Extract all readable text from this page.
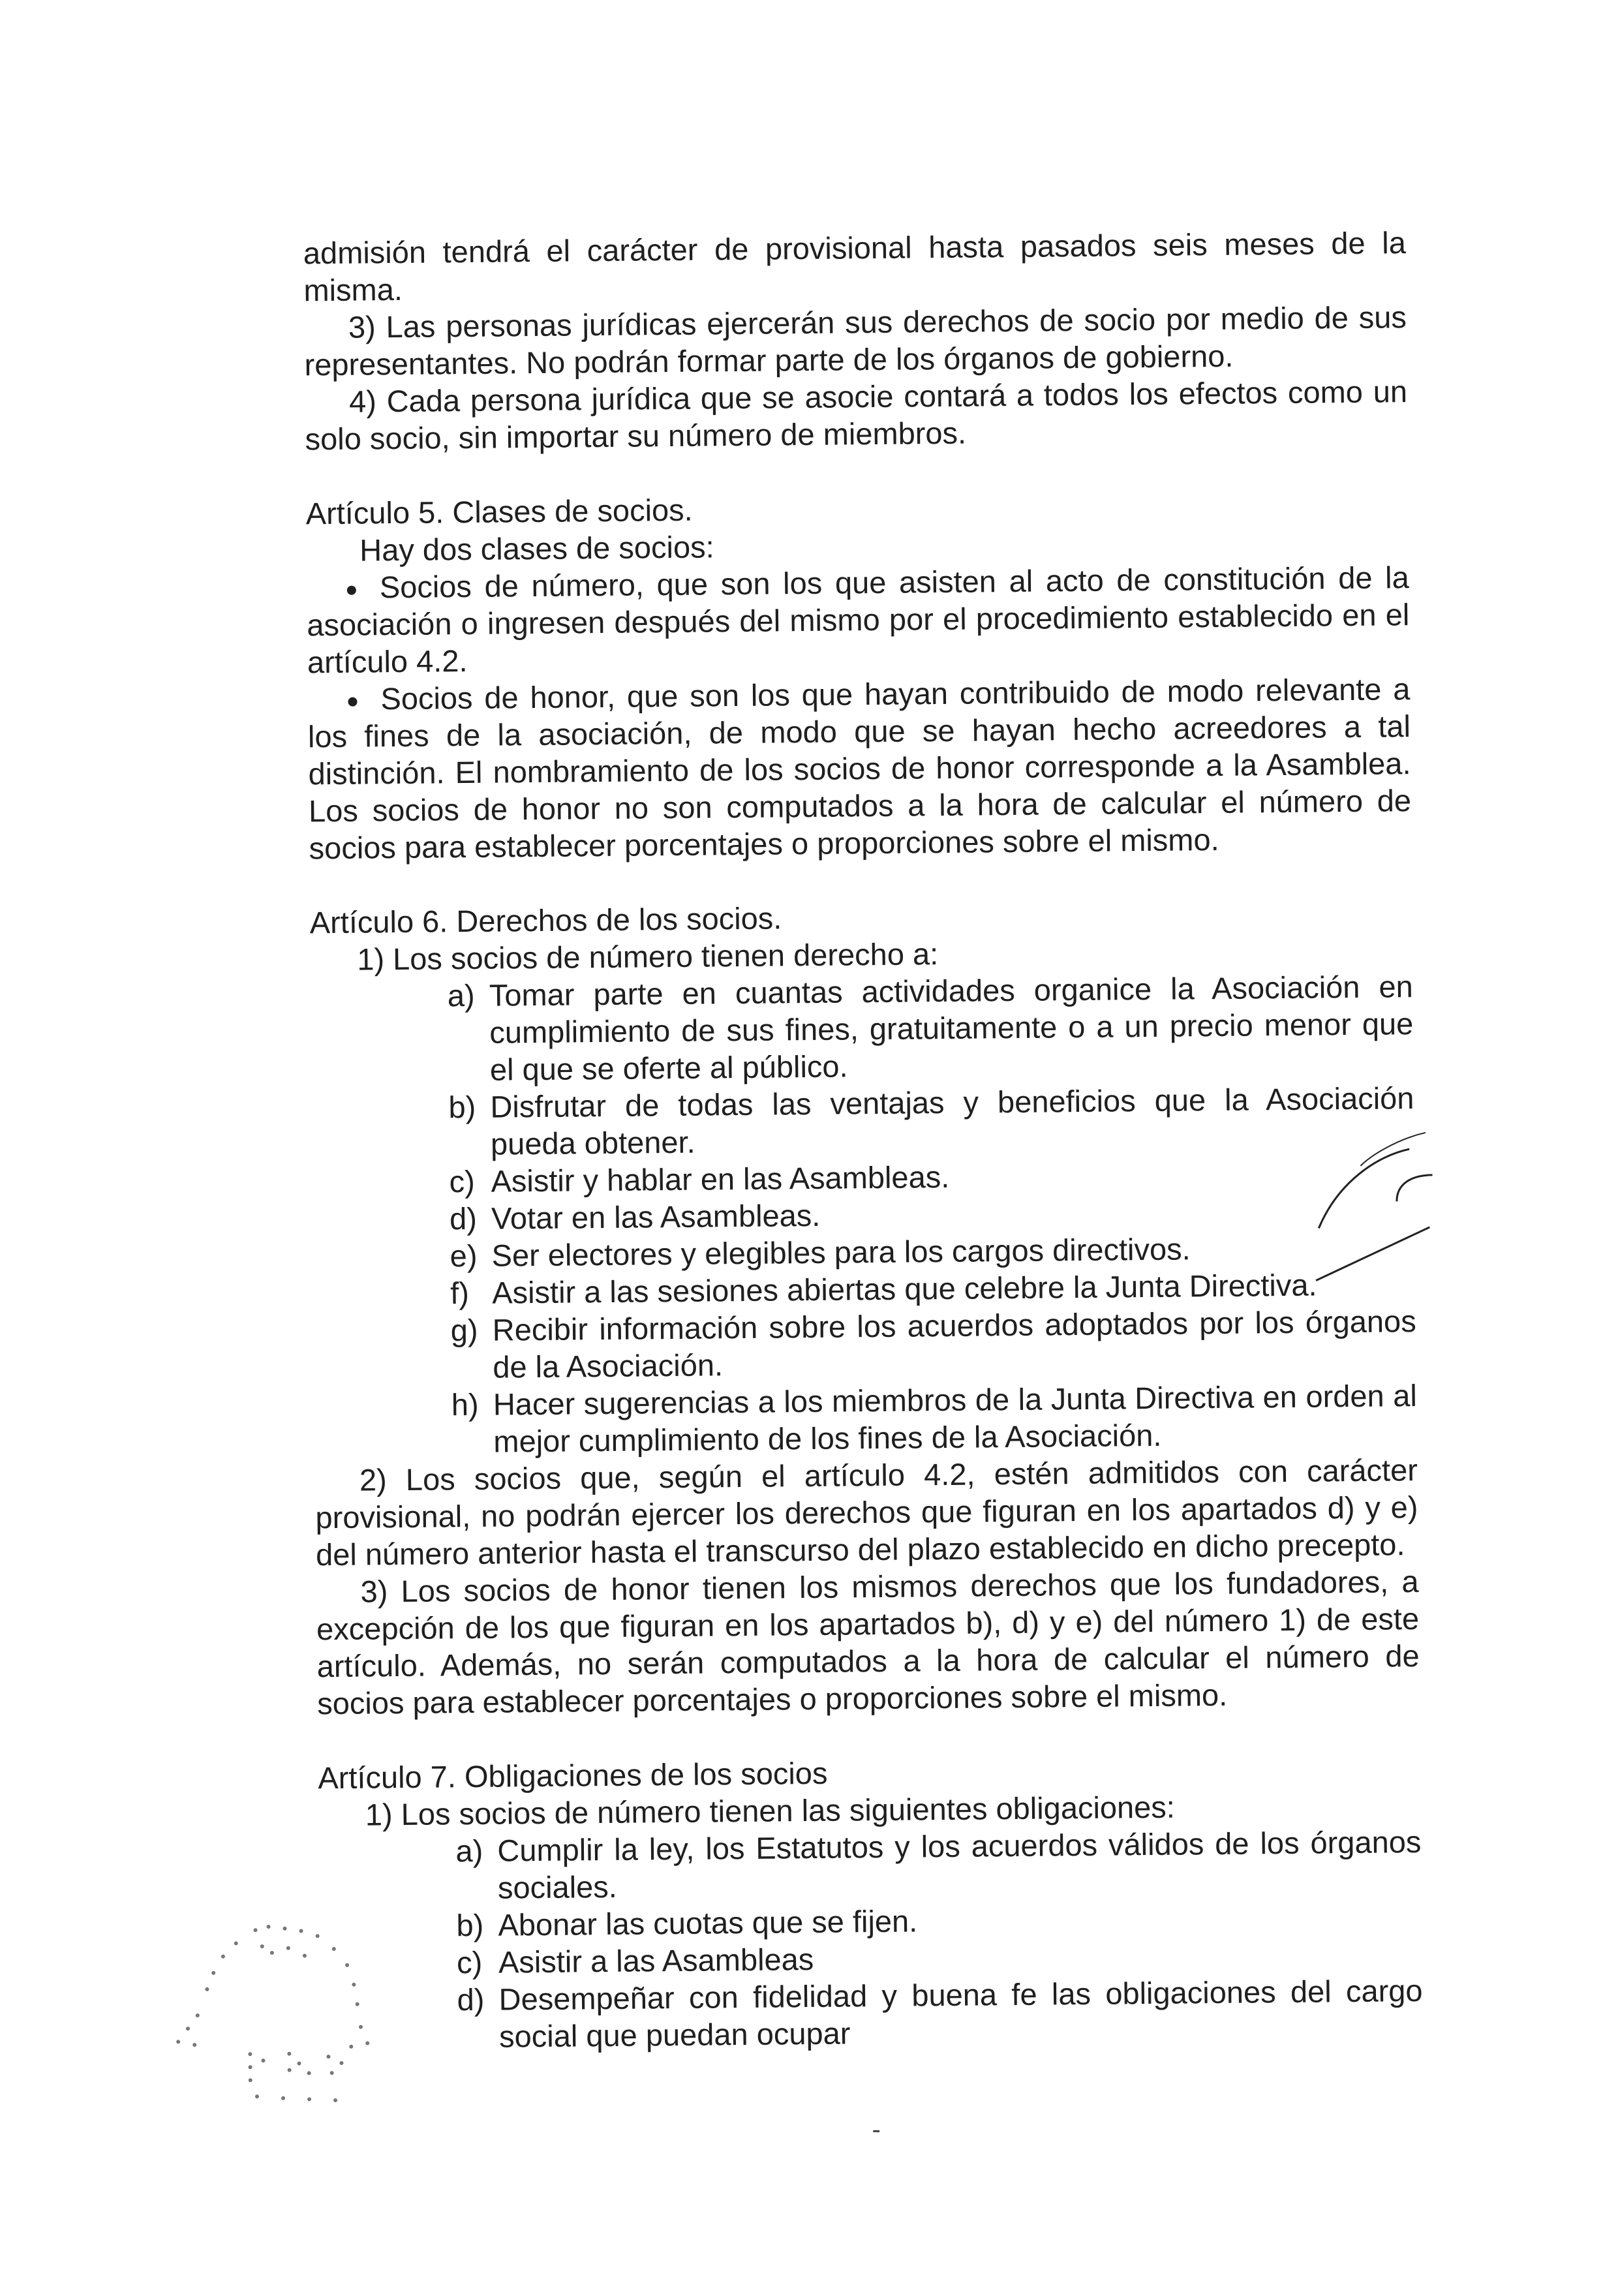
admisión tendrá el carácter de provisional hasta pasados seis meses de la misma.

3) Las personas jurídicas ejercerán sus derechos de socio por medio de sus representantes. No podrán formar parte de los órganos de gobierno.

4) Cada persona jurídica que se asocie contará a todos los efectos como un solo socio, sin importar su número de miembros.

Artículo 5. Clases de socios.

Hay dos clases de socios:

Socios de número, que son los que asisten al acto de constitución de la asociación o ingresen después del mismo por el procedimiento establecido en el artículo 4.2.

Socios de honor, que son los que hayan contribuido de modo relevante a los fines de la asociación, de modo que se hayan hecho acreedores a tal distinción. El nombramiento de los socios de honor corresponde a la Asamblea. Los socios de honor no son computados a la hora de calcular el número de socios para establecer porcentajes o proporciones sobre el mismo.

Artículo 6. Derechos de los socios.

1) Los socios de número tienen derecho a:

a) Tomar parte en cuantas actividades organice la Asociación en cumplimiento de sus fines, gratuitamente o a un precio menor que el que se oferte al público.
b) Disfrutar de todas las ventajas y beneficios que la Asociación pueda obtener.
c) Asistir y hablar en las Asambleas.
d) Votar en las Asambleas.
e) Ser electores y elegibles para los cargos directivos.
f) Asistir a las sesiones abiertas que celebre la Junta Directiva.
g) Recibir información sobre los acuerdos adoptados por los órganos de la Asociación.
h) Hacer sugerencias a los miembros de la Junta Directiva en orden al mejor cumplimiento de los fines de la Asociación.

2) Los socios que, según el artículo 4.2, estén admitidos con carácter provisional, no podrán ejercer los derechos que figuran en los apartados d) y e) del número anterior hasta el transcurso del plazo establecido en dicho precepto.

3) Los socios de honor tienen los mismos derechos que los fundadores, a excepción de los que figuran en los apartados b), d) y e) del número 1) de este artículo. Además, no serán computados a la hora de calcular el número de socios para establecer porcentajes o proporciones sobre el mismo.

Artículo 7. Obligaciones de los socios

1) Los socios de número tienen las siguientes obligaciones:

a) Cumplir la ley, los Estatutos y los acuerdos válidos de los órganos sociales.
b) Abonar las cuotas que se fijen.
c) Asistir a las Asambleas
d) Desempeñar con fidelidad y buena fe las obligaciones del cargo social que puedan ocupar
-
